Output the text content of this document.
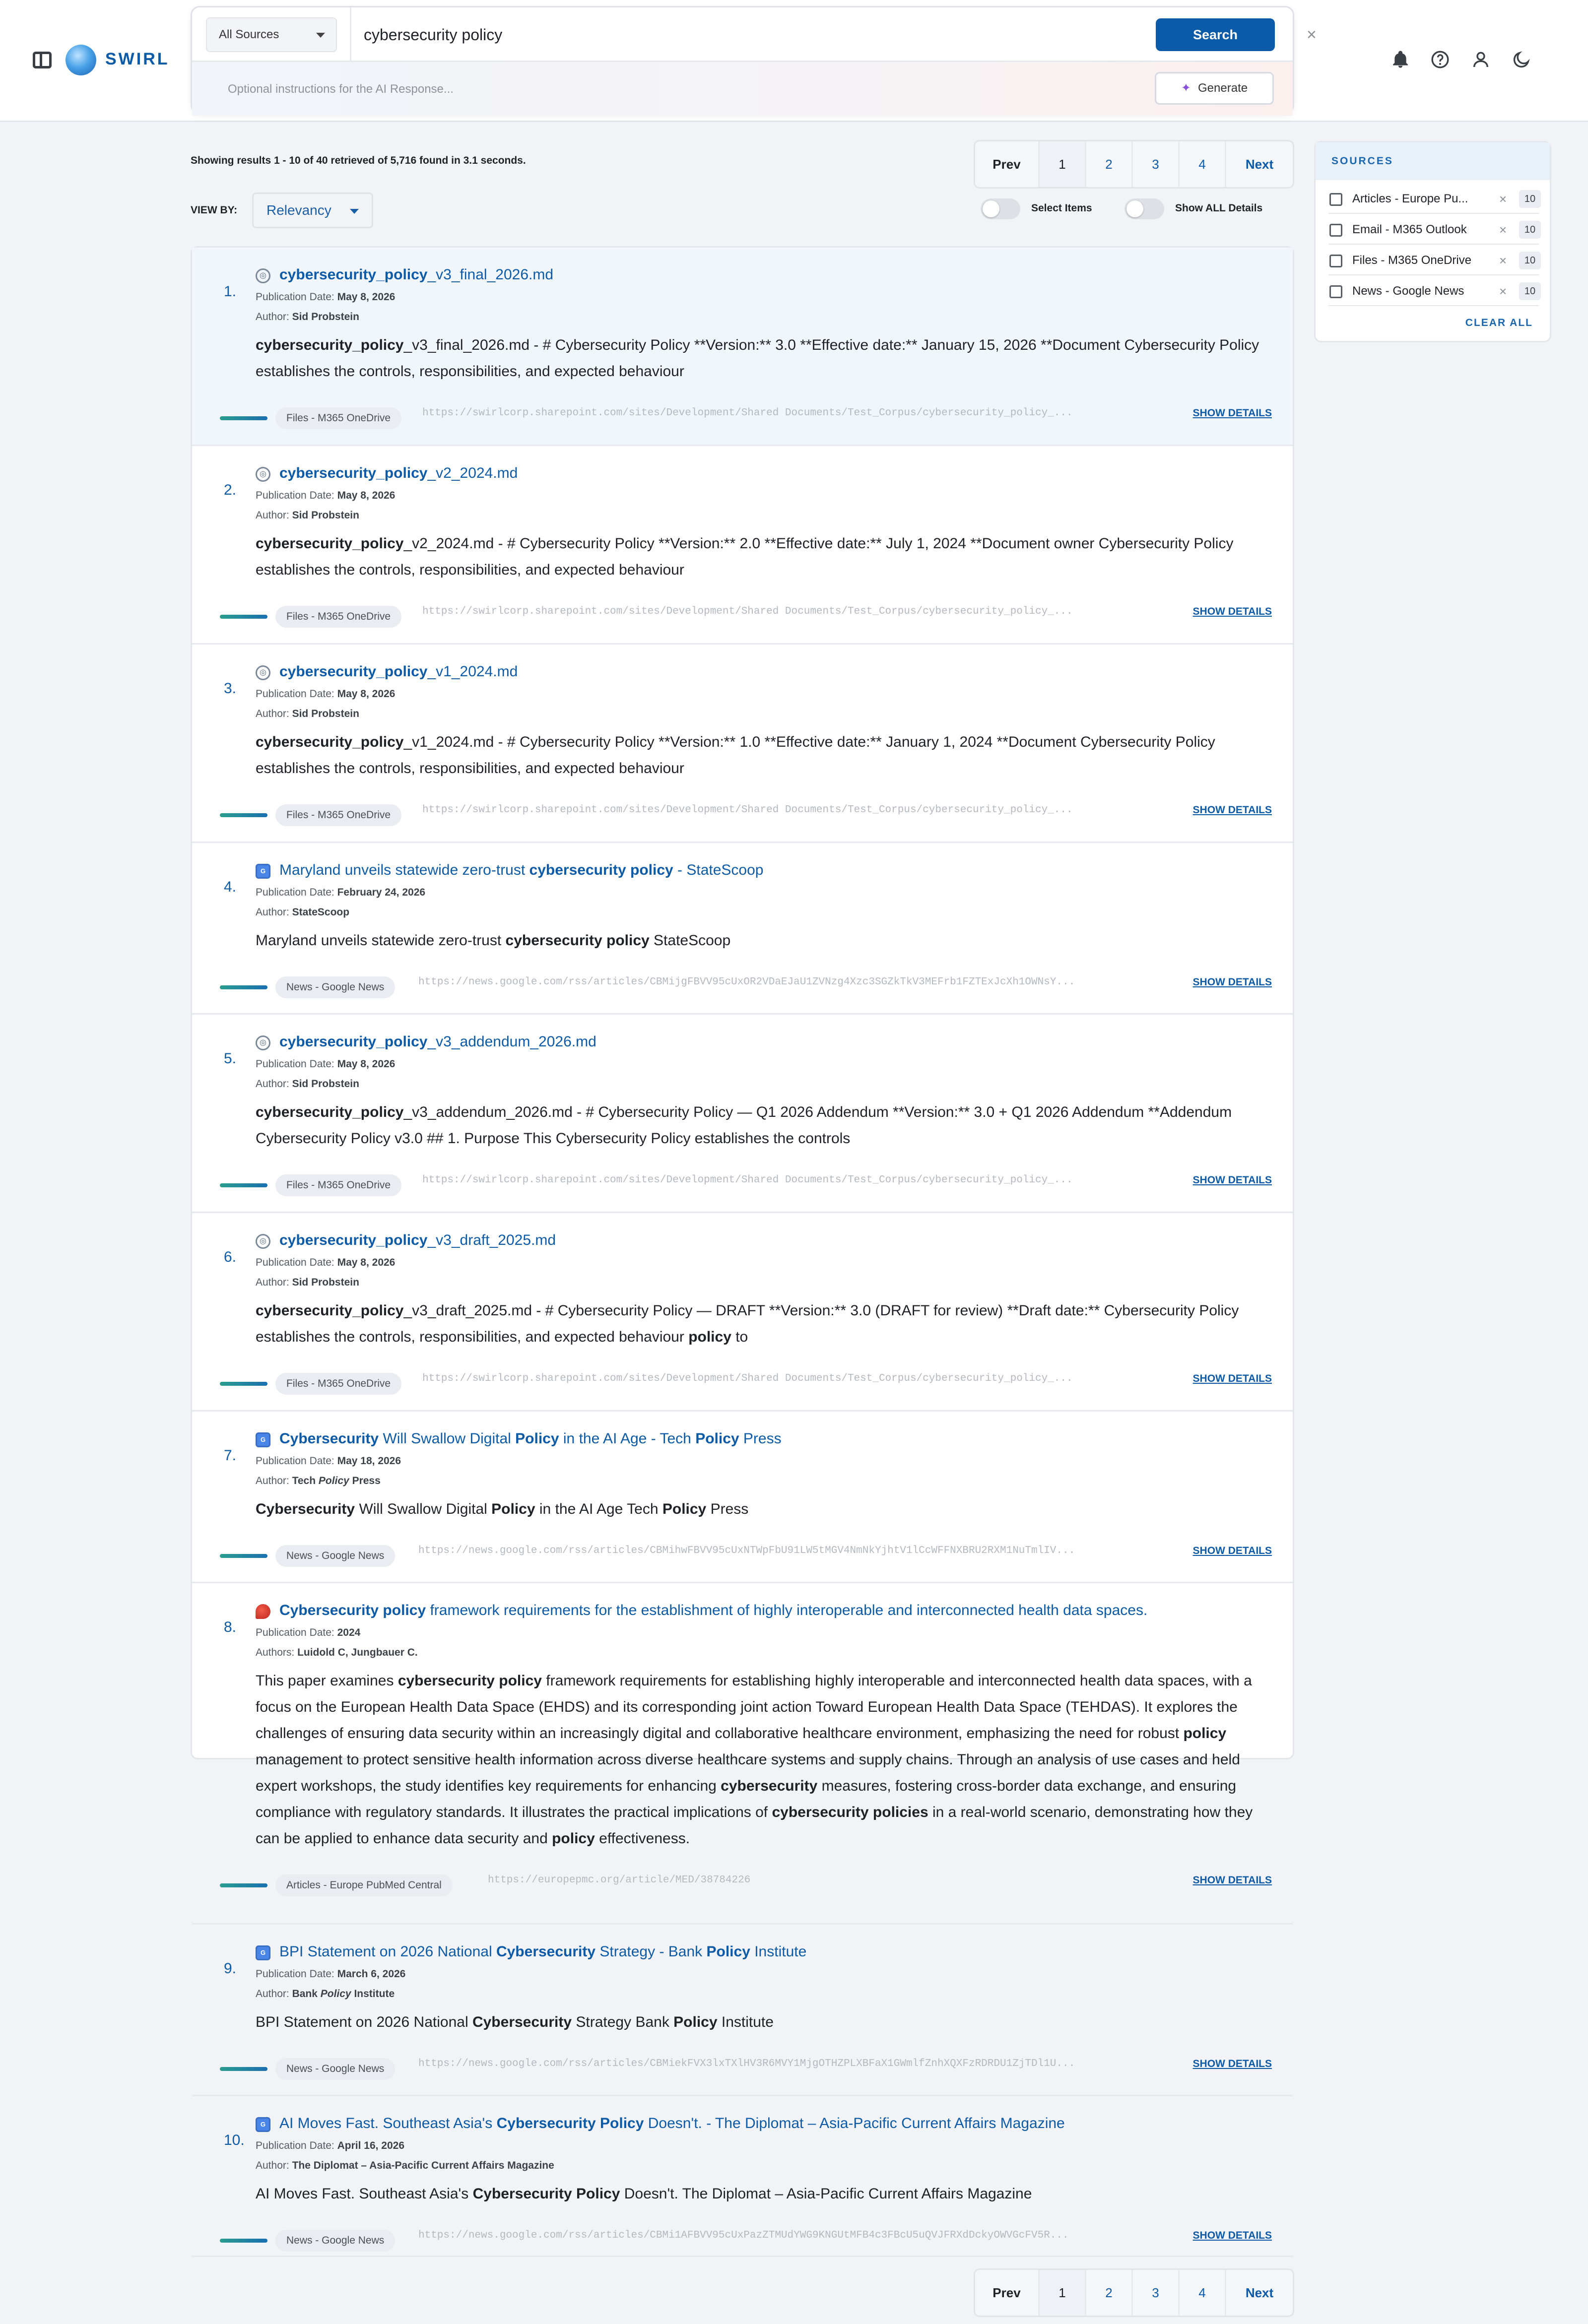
SWIRL
All Sources
cybersecurity policy	×
Search
Optional instructions for the AI Response...
✦ Generate
Showing results 1 - 10 of 40 retrieved of 5,716 found in 3.1 seconds.	Prev	1	2	3	4	Next
VIEW BY:	Relevancy	Select Items	Show ALL Details
1.
◎ cybersecurity_policy_v3_final_2026.md
Publication Date: May 8, 2026
Author: Sid Probstein
cybersecurity_policy_v3_final_2026.md - # Cybersecurity Policy **Version:** 3.0 **Effective date:** January 15, 2026 **Document Cybersecurity Policy establishes the controls, responsibilities, and expected behaviour
Files - M365 OneDrive	https://swirlcorp.sharepoint.com/sites/Development/Shared Documents/Test_Corpus/cybersecurity_policy_...	SHOW DETAILS
2.
◎ cybersecurity_policy_v2_2024.md
Publication Date: May 8, 2026
Author: Sid Probstein
cybersecurity_policy_v2_2024.md - # Cybersecurity Policy **Version:** 2.0 **Effective date:** July 1, 2024 **Document owner Cybersecurity Policy establishes the controls, responsibilities, and expected behaviour
Files - M365 OneDrive	https://swirlcorp.sharepoint.com/sites/Development/Shared Documents/Test_Corpus/cybersecurity_policy_...	SHOW DETAILS
3.
◎ cybersecurity_policy_v1_2024.md
Publication Date: May 8, 2026
Author: Sid Probstein
cybersecurity_policy_v1_2024.md - # Cybersecurity Policy **Version:** 1.0 **Effective date:** January 1, 2024 **Document Cybersecurity Policy establishes the controls, responsibilities, and expected behaviour
Files - M365 OneDrive	https://swirlcorp.sharepoint.com/sites/Development/Shared Documents/Test_Corpus/cybersecurity_policy_...	SHOW DETAILS
4.
G Maryland unveils statewide zero-trust cybersecurity policy - StateScoop
Publication Date: February 24, 2026
Author: StateScoop
Maryland unveils statewide zero-trust cybersecurity policy StateScoop
News - Google News	https://news.google.com/rss/articles/CBMijgFBVV95cUxOR2VDaEJaU1ZVNzg4Xzc3SGZkTkV3MEFrb1FZTExJcXh1OWNsY...	SHOW DETAILS
5.
◎ cybersecurity_policy_v3_addendum_2026.md
Publication Date: May 8, 2026
Author: Sid Probstein
cybersecurity_policy_v3_addendum_2026.md - # Cybersecurity Policy — Q1 2026 Addendum **Version:** 3.0 + Q1 2026 Addendum **Addendum Cybersecurity Policy v3.0 ## 1. Purpose This Cybersecurity Policy establishes the controls
Files - M365 OneDrive	https://swirlcorp.sharepoint.com/sites/Development/Shared Documents/Test_Corpus/cybersecurity_policy_...	SHOW DETAILS
6.
◎ cybersecurity_policy_v3_draft_2025.md
Publication Date: May 8, 2026
Author: Sid Probstein
cybersecurity_policy_v3_draft_2025.md - # Cybersecurity Policy — DRAFT **Version:** 3.0 (DRAFT for review) **Draft date:** Cybersecurity Policy establishes the controls, responsibilities, and expected behaviour policy to
Files - M365 OneDrive	https://swirlcorp.sharepoint.com/sites/Development/Shared Documents/Test_Corpus/cybersecurity_policy_...	SHOW DETAILS
7.
G Cybersecurity Will Swallow Digital Policy in the AI Age - Tech Policy Press
Publication Date: May 18, 2026
Author: Tech Policy Press
Cybersecurity Will Swallow Digital Policy in the AI Age Tech Policy Press
News - Google News	https://news.google.com/rss/articles/CBMihwFBVV95cUxNTWpFbU91LW5tMGV4NmNkYjhtV1lCcWFFNXBRU2RXM1NuTmlIV...	SHOW DETAILS
8.
Cybersecurity policy framework requirements for the establishment of highly interoperable and interconnected health data spaces.
Publication Date: 2024
Authors: Luidold C, Jungbauer C.
This paper examines cybersecurity policy framework requirements for establishing highly interoperable and interconnected health data spaces, with a focus on the European Health Data Space (EHDS) and its corresponding joint action Toward European Health Data Space (TEHDAS). It explores the challenges of ensuring data security within an increasingly digital and collaborative healthcare environment, emphasizing the need for robust policy management to protect sensitive health information across diverse healthcare systems and supply chains. Through an analysis of use cases and held expert workshops, the study identifies key requirements for enhancing cybersecurity measures, fostering cross-border data exchange, and ensuring compliance with regulatory standards. It illustrates the practical implications of cybersecurity policies in a real-world scenario, demonstrating how they can be applied to enhance data security and policy effectiveness.
Articles - Europe PubMed Central	https://europepmc.org/article/MED/38784226	SHOW DETAILS
9.
G BPI Statement on 2026 National Cybersecurity Strategy - Bank Policy Institute
Publication Date: March 6, 2026
Author: Bank Policy Institute
BPI Statement on 2026 National Cybersecurity Strategy Bank Policy Institute
News - Google News	https://news.google.com/rss/articles/CBMiekFVX3lxTXlHV3R6MVY1MjgOTHZPLXBFaX1GWmlfZnhXQXFzRDRDU1ZjTDl1U...	SHOW DETAILS
10.
G AI Moves Fast. Southeast Asia's Cybersecurity Policy Doesn't. - The Diplomat – Asia-Pacific Current Affairs Magazine
Publication Date: April 16, 2026
Author: The Diplomat – Asia-Pacific Current Affairs Magazine
AI Moves Fast. Southeast Asia's Cybersecurity Policy Doesn't. The Diplomat – Asia-Pacific Current Affairs Magazine
News - Google News	https://news.google.com/rss/articles/CBMi1AFBVV95cUxPazZTMUdYWG9KNGUtMFB4c3FBcU5uQVJFRXdDckyOWVGcFV5R...	SHOW DETAILS
Prev	1	2	3	4	Next
SOURCES
Articles - Europe Pu... ×	10
Email - M365 Outlook	×	10
Files - M365 OneDrive ×	10
News - Google News	×	10
CLEAR ALL
